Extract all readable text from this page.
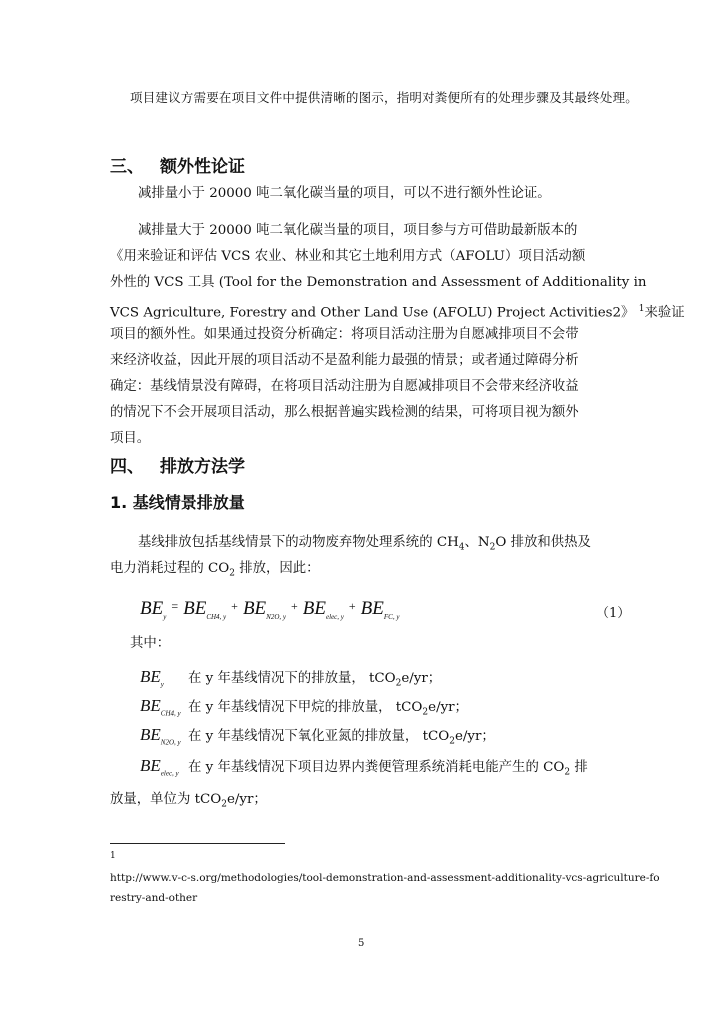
项目建议方需要在项目文件中提供清晰的图示，指明对粪便所有的处理步骤及其最终处理。
三、 额外性论证
减排量小于 20000 吨二氧化碳当量的项目，可以不进行额外性论证。
减排量大于 20000 吨二氧化碳当量的项目，项目参与方可借助最新版本的
《用来验证和评估 VCS 农业、林业和其它土地利用方式（AFOLU）项目活动额
外性的 VCS 工具 (Tool for the Demonstration and Assessment of Additionality in
VCS Agriculture, Forestry and Other Land Use (AFOLU) Project Activities2》 $^1$来验证
项目的额外性。如果通过投资分析确定：将项目活动注册为自愿减排项目不会带
来经济收益，因此开展的项目活动不是盈利能力最强的情景；或者通过障碍分析
确定：基线情景没有障碍，在将项目活动注册为自愿减排项目不会带来经济收益
的情况下不会开展项目活动，那么根据普遍实践检测的结果，可将项目视为额外
项目。
四、 排放方法学
1. 基线情景排放量
基线排放包括基线情景下的动物废弃物处理系统的 $CH_4$、$N_2O$ 排放和供热及
电力消耗过程的 $CO_2$ 排放，因此：
$BE_y^=$ $BE_{CH4, y}^+$ $BE_{N2O, y}^+$ $BE_{elec, y}^+$ $BE_{FC, y}$	（1）
其中：
$BE_y$ 在 y 年基线情况下的排放量， tCO$_2$e/yr；
$BE_{CH4, y}$ 在 y 年基线情况下甲烷的排放量， tCO$_2$e/yr；
$BE_{N2O, y}$ 在 y 年基线情况下氧化亚氮的排放量， tCO$_2$e/yr；
$BE_{elec, y}$ 在 y 年基线情况下项目边界内粪便管理系统消耗电能产生的 $CO_2$ 排
放量，单位为 tCO$_2$e/yr；
1
http://www.v-c-s.org/methodologies/tool-demonstration-and-assessment-additionality-vcs-agriculture-fo
restry-and-other
5
